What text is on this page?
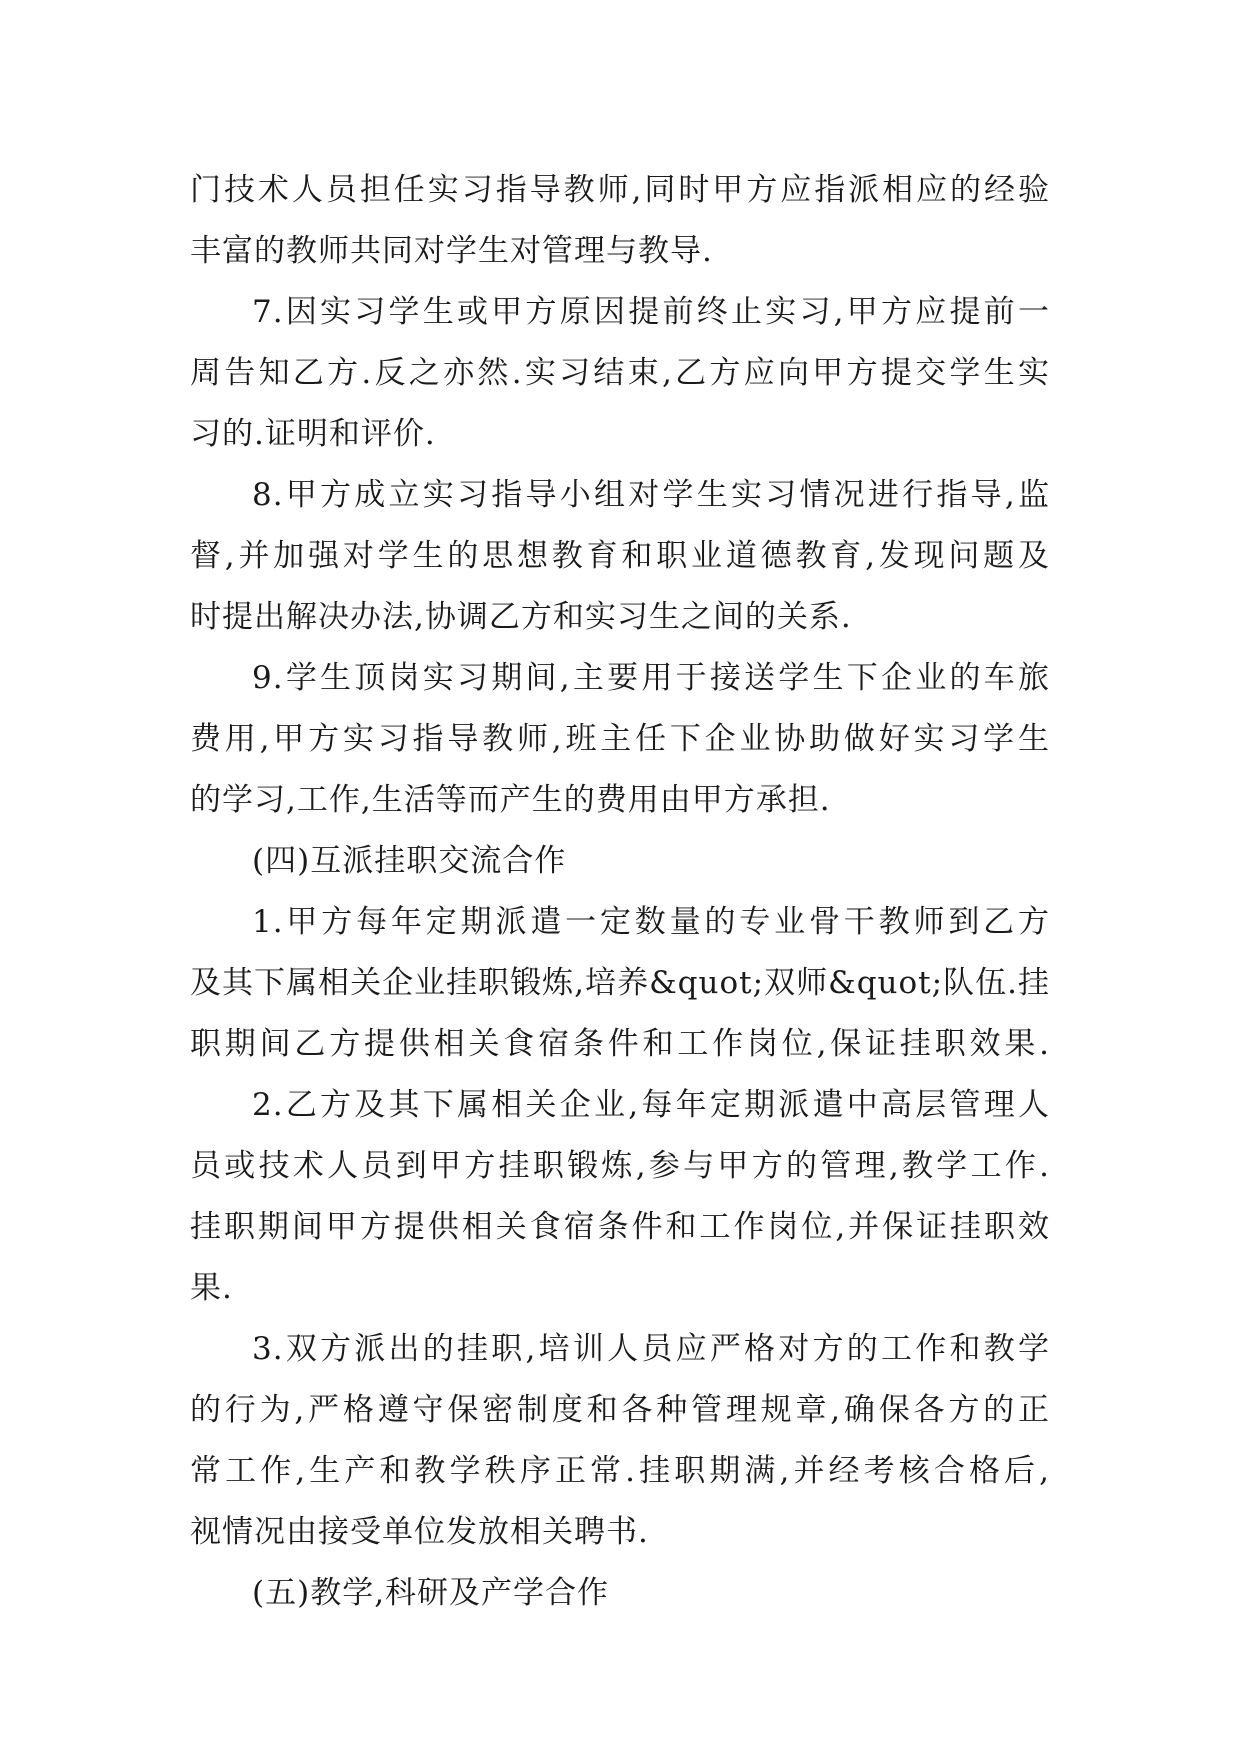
门技术人员担任实习指导教师,同时甲方应指派相应的经验
丰富的教师共同对学生对管理与教导.
7.因实习学生或甲方原因提前终止实习,甲方应提前一
周告知乙方.反之亦然.实习结束,乙方应向甲方提交学生实
习的.证明和评价.
8.甲方成立实习指导小组对学生实习情况进行指导,监
督,并加强对学生的思想教育和职业道德教育,发现问题及
时提出解决办法,协调乙方和实习生之间的关系.
9.学生顶岗实习期间,主要用于接送学生下企业的车旅
费用,甲方实习指导教师,班主任下企业协助做好实习学生
的学习,工作,生活等而产生的费用由甲方承担.
(四)互派挂职交流合作
1.甲方每年定期派遣一定数量的专业骨干教师到乙方
及其下属相关企业挂职锻炼,培养&quot;双师&quot;队伍.挂
职期间乙方提供相关食宿条件和工作岗位,保证挂职效果.
2.乙方及其下属相关企业,每年定期派遣中高层管理人
员或技术人员到甲方挂职锻炼,参与甲方的管理,教学工作.
挂职期间甲方提供相关食宿条件和工作岗位,并保证挂职效
果.
3.双方派出的挂职,培训人员应严格对方的工作和教学
的行为,严格遵守保密制度和各种管理规章,确保各方的正
常工作,生产和教学秩序正常.挂职期满,并经考核合格后,
视情况由接受单位发放相关聘书.
(五)教学,科研及产学合作
